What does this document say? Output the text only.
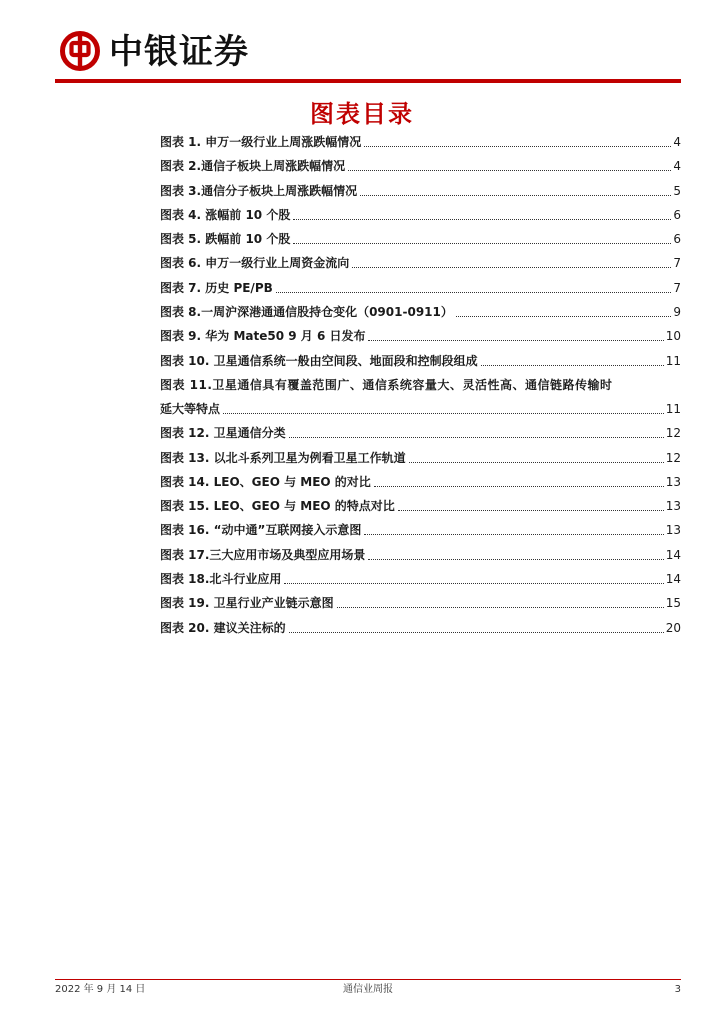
中银证券
图表目录
图表 1. 申万一级行业上周涨跌幅情况	4
图表 2.通信子板块上周涨跌幅情况	4
图表 3.通信分子板块上周涨跌幅情况	5
图表 4. 涨幅前 10 个股	6
图表 5. 跌幅前 10 个股	6
图表 6. 申万一级行业上周资金流向	7
图表 7. 历史 PE/PB	7
图表 8.一周沪深港通通信股持仓变化（0901-0911）	9
图表 9. 华为 Mate50 9 月 6 日发布	10
图表 10. 卫星通信系统一般由空间段、地面段和控制段组成	11
图表 11.卫星通信具有覆盖范围广、通信系统容量大、灵活性高、通信链路传输时
延大等特点	11
图表 12. 卫星通信分类	12
图表 13. 以北斗系列卫星为例看卫星工作轨道	12
图表 14. LEO、GEO 与 MEO 的对比	13
图表 15. LEO、GEO 与 MEO 的特点对比	13
图表 16. “动中通”互联网接入示意图	13
图表 17.三大应用市场及典型应用场景	14
图表 18.北斗行业应用	14
图表 19. 卫星行业产业链示意图	15
图表 20. 建议关注标的	20
2022 年 9 月 14 日	通信业周报	3
